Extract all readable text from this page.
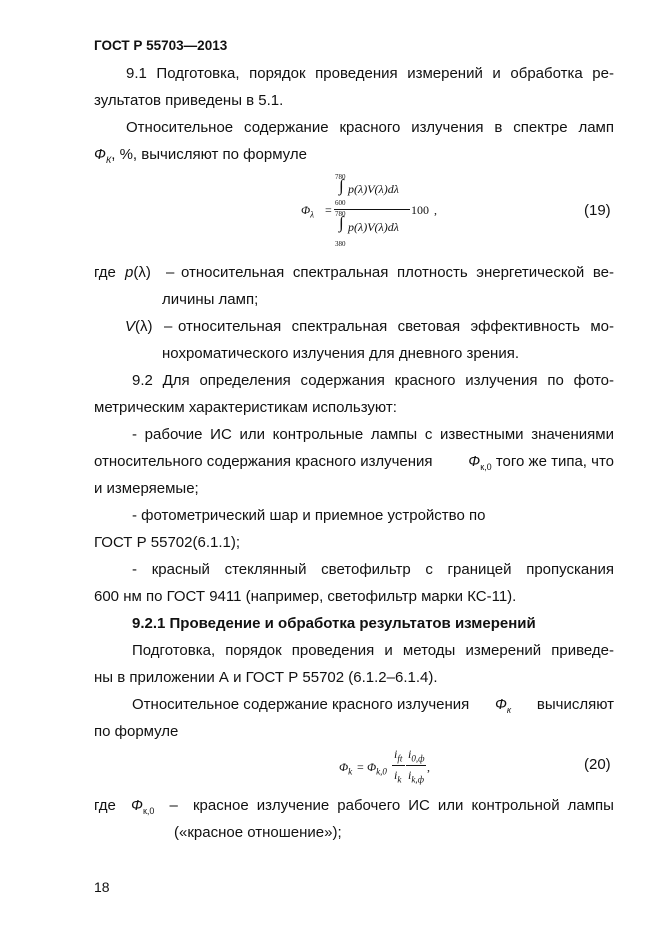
ГОСТ Р 55703—2013
9.1 Подготовка, порядок проведения измерений и обработка ре-
зультатов приведены в 5.1.
Относительное содержание красного излучения в спектре ламп
$Ф_К$, %, вычисляют по формуле
$\Phi_\lambda$ =
780
∫ p(λ)V(λ)dλ
600
780
∫ p(λ)V(λ)dλ
380
100 ,	(19)
где p(λ) – относительная спектральная плотность энергетической ве-
личины ламп;
V(λ) – относительная спектральная световая эффективность мо-
нохроматического излучения для дневного зрения.
9.2 Для определения содержания красного излучения по фото-
метрическим характеристикам используют:
- рабочие ИС или контрольные лампы с известными значениями
относительного содержания красного излучения $Ф_{к,0}$ того же типа, что
и измеряемые;
- фотометрический шар и приемное устройство по
ГОСТ Р 55702(6.1.1);
- красный стеклянный светофильтр с границей пропускания
600 нм по ГОСТ 9411 (например, светофильтр марки КС-11).
9.2.1 Проведение и обработка результатов измерений
Подготовка, порядок проведения и методы измерений приведе-
ны в приложении А и ГОСТ Р 55702 (6.1.2–6.1.4).
Относительное содержание красного излучения $Ф_к$ вычисляют
по формуле
$\Phi_k = \Phi_{k,0}$
$i_{ft}$
$i_k$
$i_{0,ф}$
$i_{k,ф}$
,	(20)
где $Ф_{к,0}$ – красное излучение рабочего ИС или контрольной лампы
(«красное отношение»);
18
